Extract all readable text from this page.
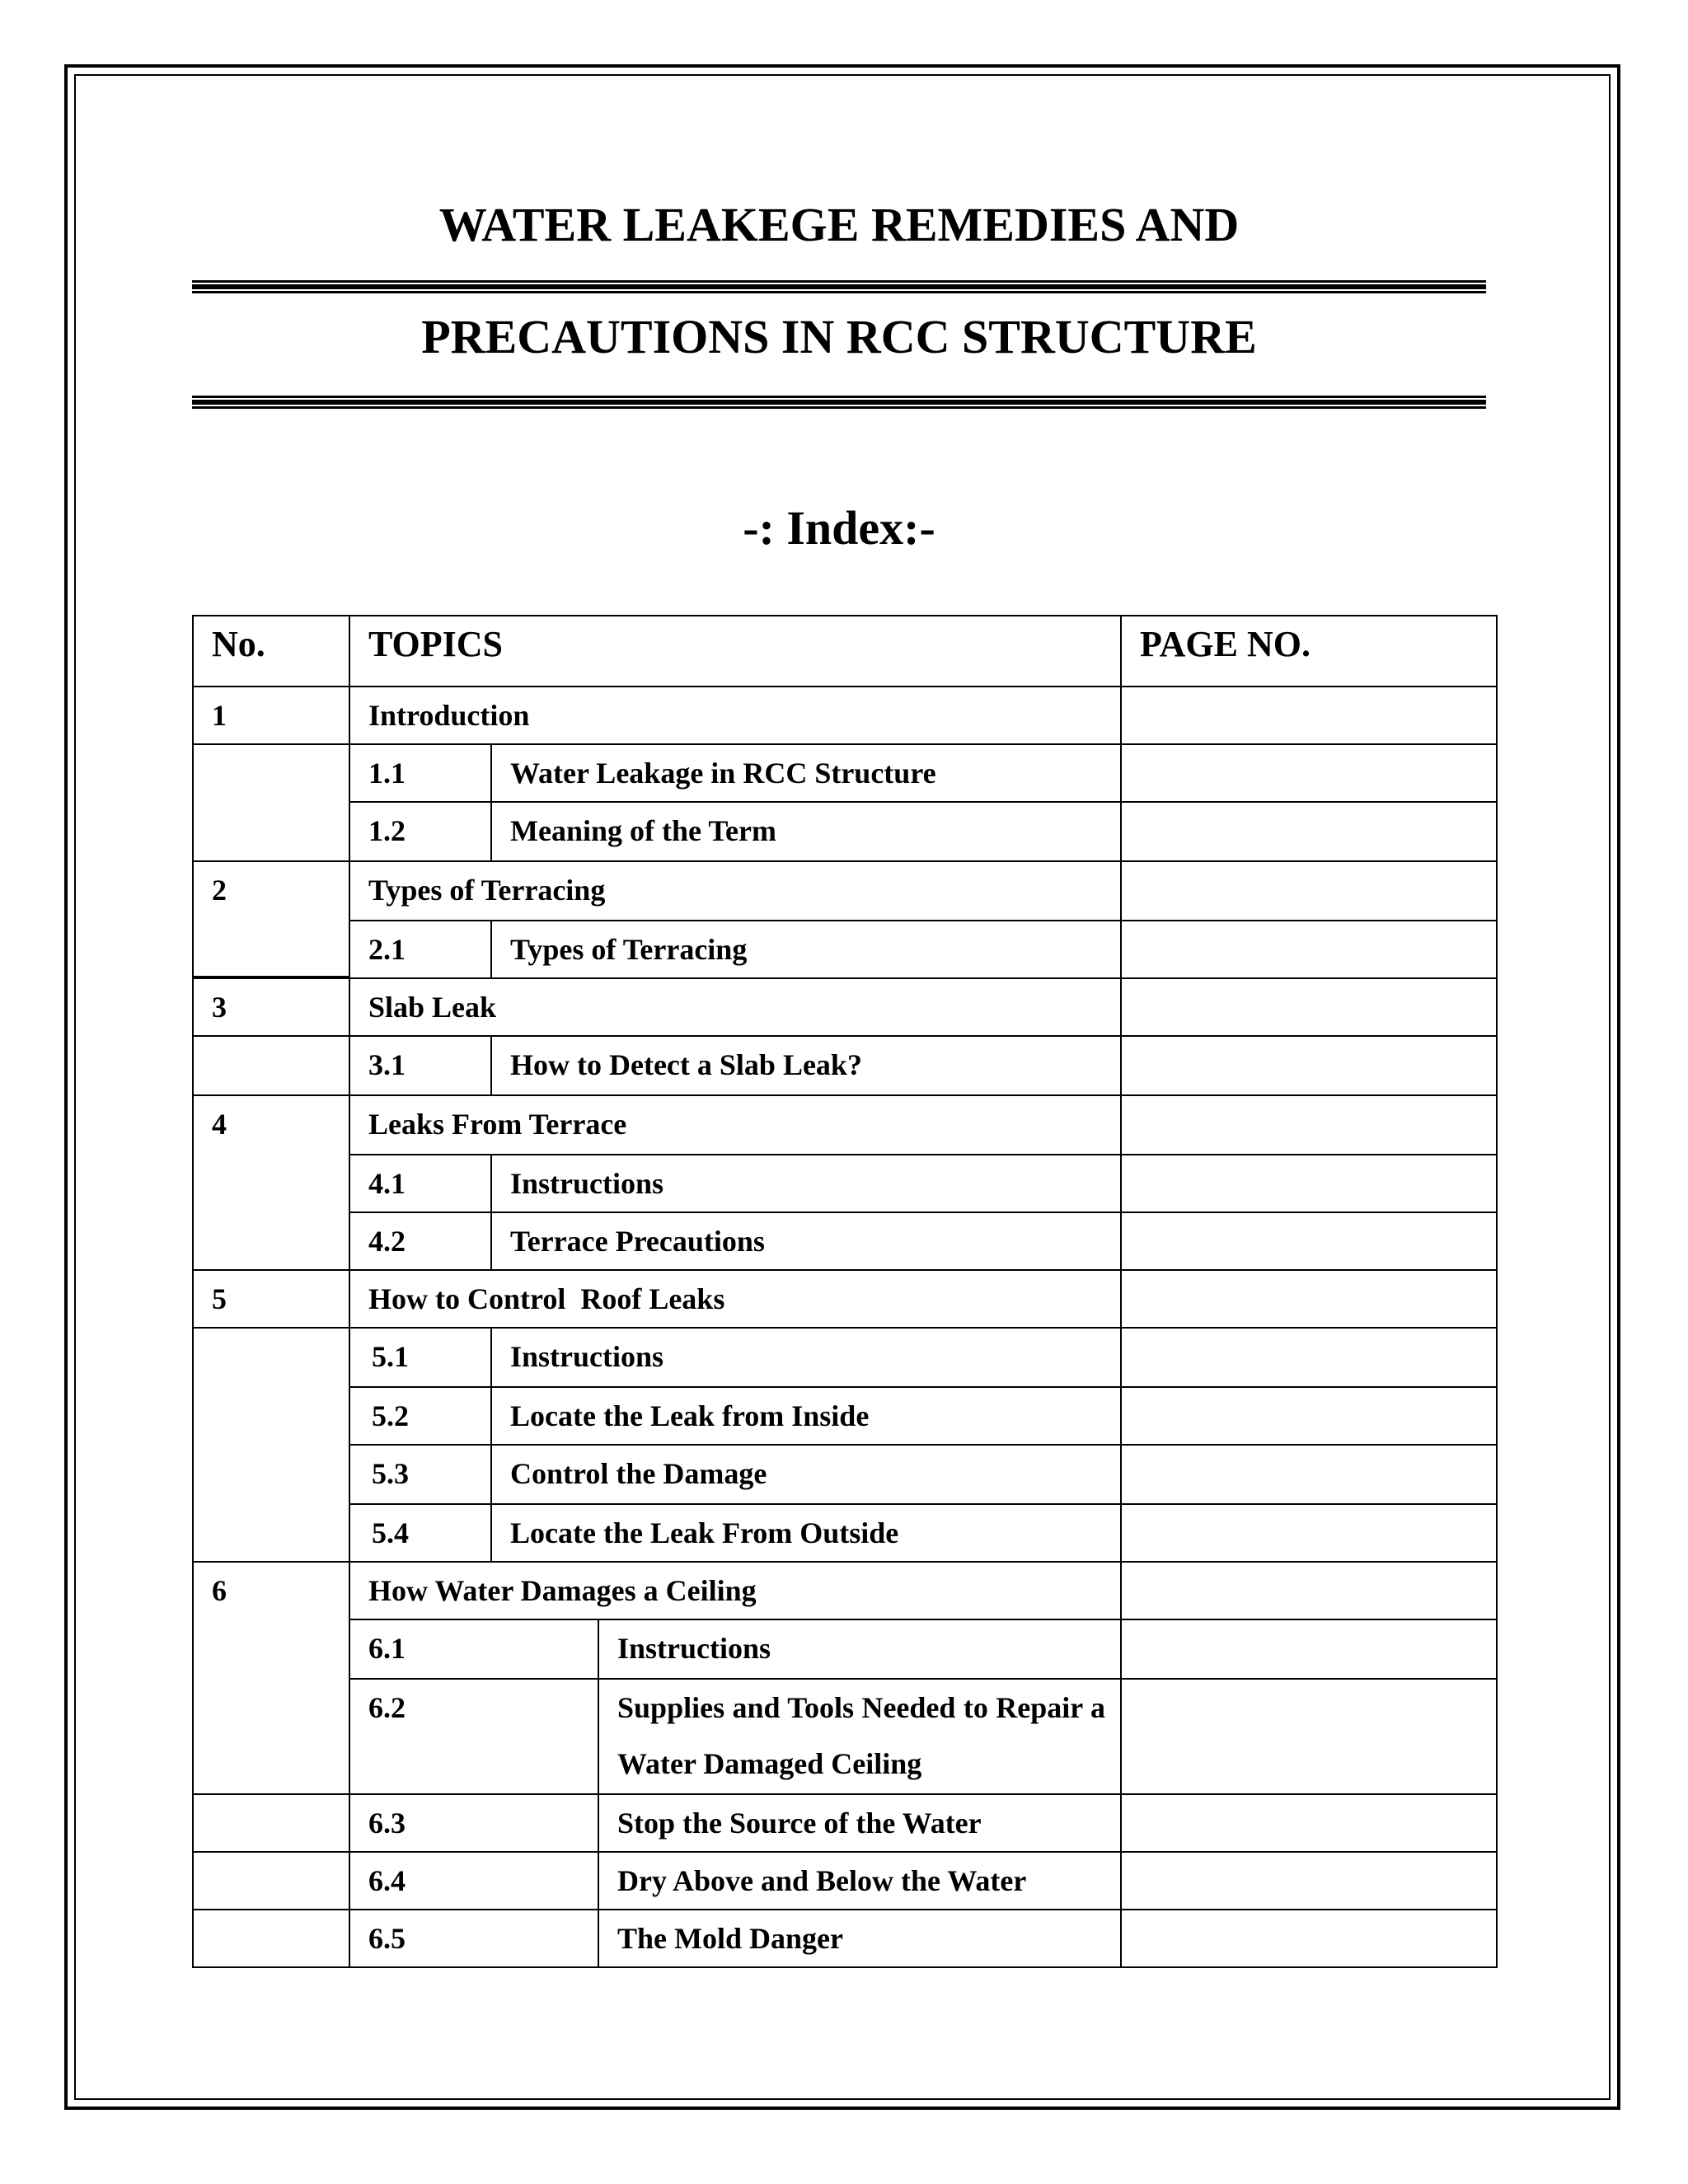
WATER LEAKEGE REMEDIES AND
PRECAUTIONS IN RCC STRUCTURE
-: Index:-
No.	TOPICS	PAGE NO.
1	Introduction
1.1	Water Leakage in RCC Structure
1.2	Meaning of the Term
2	Types of Terracing
2.1	Types of Terracing
3	Slab Leak
3.1	How to Detect a Slab Leak?
4	Leaks From Terrace
4.1	Instructions
4.2	Terrace Precautions
5	How to Control  Roof Leaks
5.1	Instructions
5.2	Locate the Leak from Inside
5.3	Control the Damage
5.4	Locate the Leak From Outside
6	How Water Damages a Ceiling
6.1	Instructions
6.2	Supplies and Tools Needed to Repair a Water Damaged Ceiling
6.3	Stop the Source of the Water
6.4	Dry Above and Below the Water
6.5	The Mold Danger
